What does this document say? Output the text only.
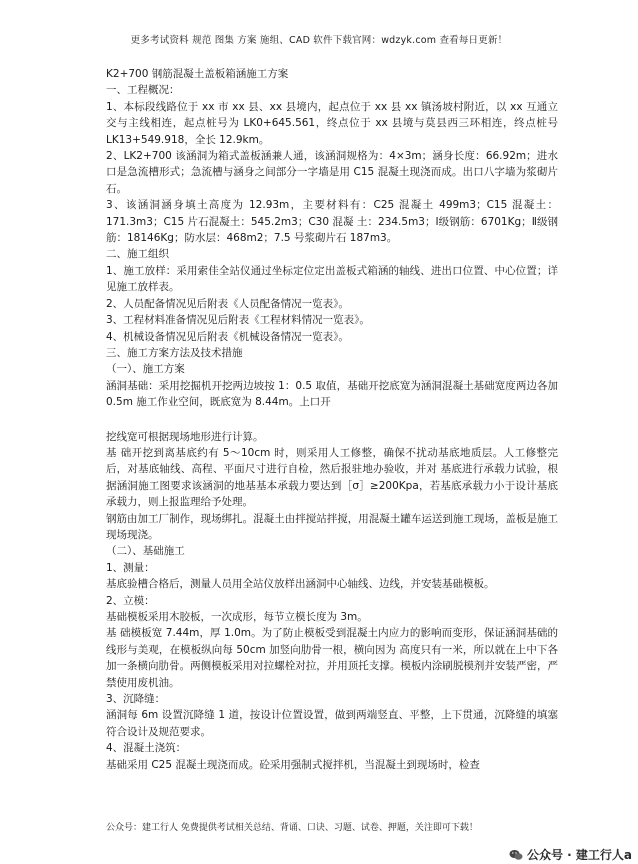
更多考试资料 规范 图集 方案 施组、CAD 软件下载官网：wdzyk.com 查看每日更新！

K2+700 钢筋混凝土盖板箱涵施工方案

一、工程概况：

1、本标段线路位于 xx 市 xx 县、xx 县境内，起点位于 xx 县 xx 镇汤坡村附近，以 xx 互通立交与主线相连，起点桩号为 LK0+645.561，终点位于 xx 县境与莫县西三环相连，终点桩号 LK13+549.918，全长 12.9km。

2、LK2+700 该涵洞为箱式盖板涵兼人通，该涵洞规格为：4×3m；涵身长度：66.92m；进水口是急流槽形式；急流槽与涵身之间部分一字墙是用 C15 混凝土现浇而成。出口八字墙为浆砌片石。

3、该涵洞涵身填土高度为 12.93m，主要材料有：C25 混凝土 499m3；C15 混凝土：171.3m3；C15 片石混凝土：545.2m3；C30 混凝 土：234.5m3；Ⅰ级钢筋：6701Kg；Ⅱ级钢筋：18146Kg；防水层：468m2；7.5 号浆砌片石 187m3。

二、施工组织

1、施工放样：采用索佳全站仪通过坐标定位定出盖板式箱涵的轴线、进出口位置、中心位置；详见施工放样表。

2、人员配备情况见后附表《人员配备情况一览表》。

3、工程材料准备情况见后附表《工程材料情况一览表》。

4、机械设备情况见后附表《机械设备情况一览表》。

三、施工方案方法及技术措施

（一）、施工方案

涵洞基础：采用挖掘机开挖两边坡按 1：0.5 取值，基础开挖底宽为涵洞混凝土基础宽度两边各加 0.5m 施工作业空间，既底宽为 8.44m。上口开

挖线宽可根据现场地形进行计算。

基 础开挖到离基底约有 5～10cm 时，则采用人工修整，确保不扰动基底地质层。人工修整完后，对基底轴线、高程、平面尺寸进行自检，然后报驻地办验收，并对 基底进行承载力试验，根据涵洞施工图要求该涵洞的地基基本承载力要达到［σ］≥200Kpa，若基底承载力小于设计基底承载力，则上报监理给予处理。

钢筋由加工厂制作，现场绑扎。混凝土由拌搅站拌搅，用混凝土罐车运送到施工现场，盖板是施工现场现浇。

（二）、基础施工

1、测量：

基底验槽合格后，测量人员用全站仪放样出涵洞中心轴线、边线，并安装基础模板。

2、立模：

基础模板采用木胶板，一次成形，每节立模长度为 3m。

基 础模板宽 7.44m，厚 1.0m。为了防止模板受到混凝土内应力的影响而变形，保证涵洞基础的线形与美观，在模板纵向每 50cm 加竖向肋骨一根，横向因为 高度只有一米，所以就在上中下各加一条横向肋骨。两侧模板采用对拉螺栓对拉，并用顶托支撑。模板内涂刷脱模剂并安装严密，严禁使用废机油。

3、沉降缝：

涵洞每 6m 设置沉降缝 1 道，按设计位置设置，做到两端竖直、平整，上下贯通，沉降缝的填塞符合设计及规范要求。

4、混凝土浇筑：

基础采用 C25 混凝土现浇而成。砼采用强制式搅拌机，当混凝土到现场时，检查

公众号：建工行人 免费提供考试相关总结、背诵、口诀、习题、试卷、押题，关注即可下载！
公众号 · 建工行人a
